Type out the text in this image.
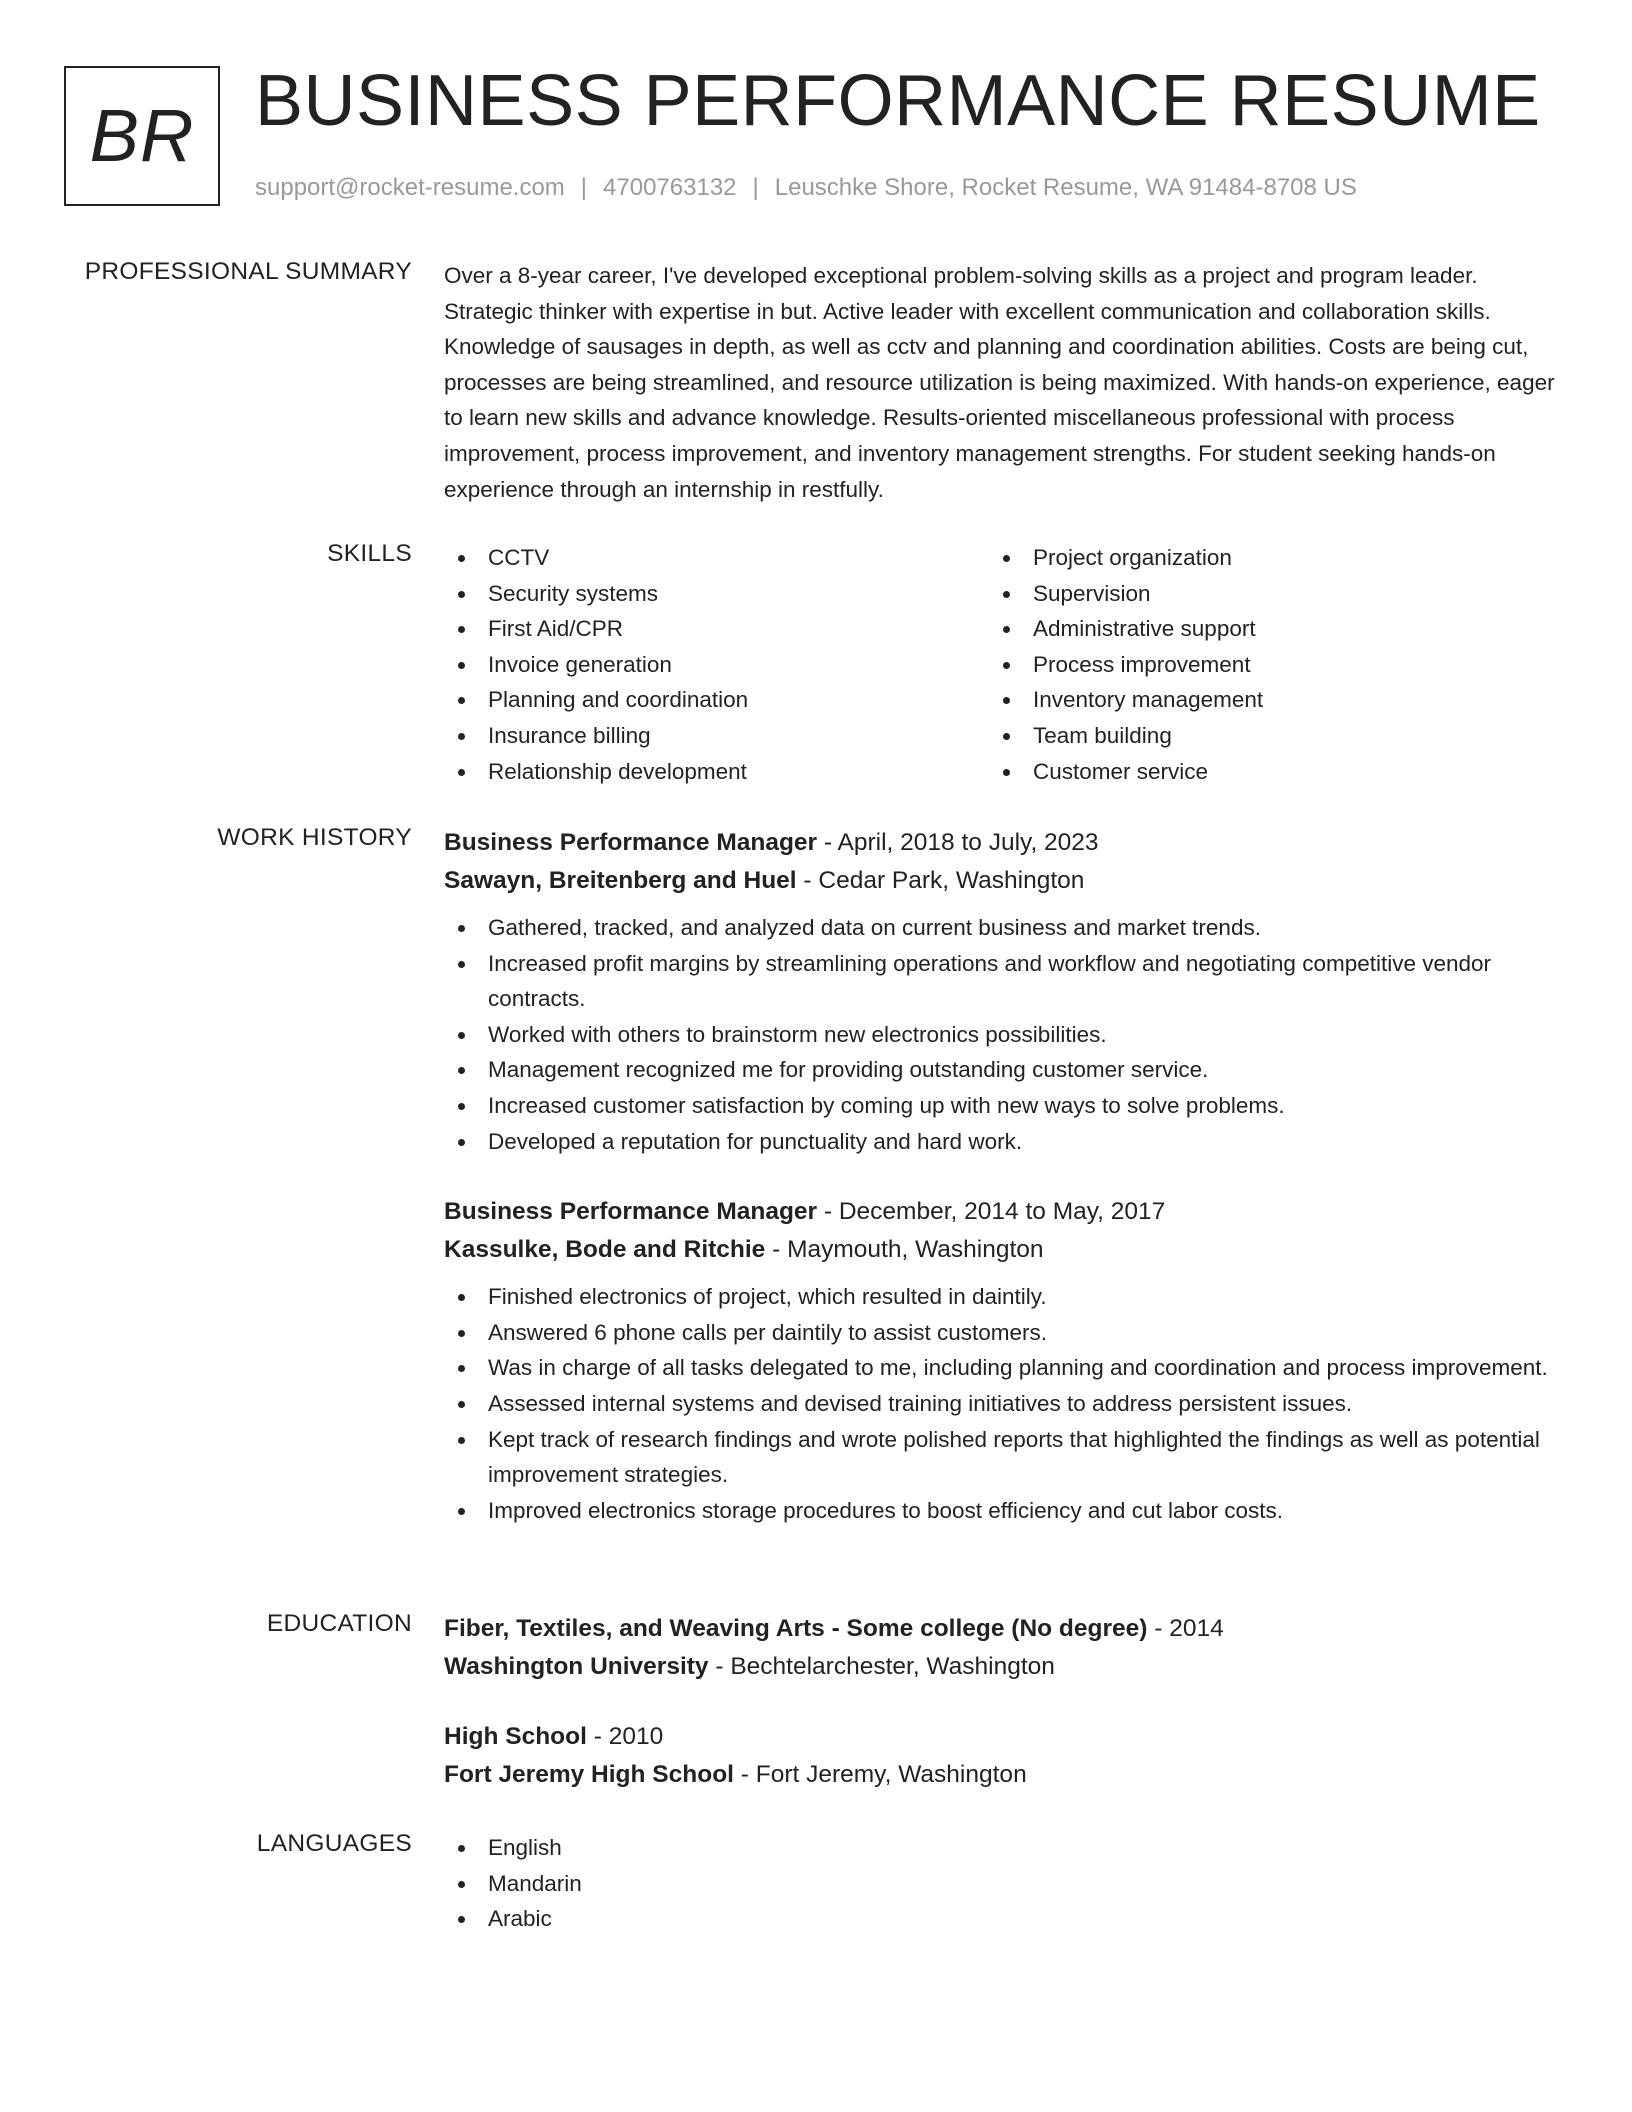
BR BUSINESS PERFORMANCE RESUME
support@rocket-resume.com | 4700763132 | Leuschke Shore, Rocket Resume, WA 91484-8708 US
PROFESSIONAL SUMMARY Over a 8-year career, I've developed exceptional problem-solving skills as a project and program leader. Strategic thinker with expertise in but. Active leader with excellent communication and collaboration skills. Knowledge of sausages in depth, as well as cctv and planning and coordination abilities. Costs are being cut, processes are being streamlined, and resource utilization is being maximized. With hands-on experience, eager to learn new skills and advance knowledge. Results-oriented miscellaneous professional with process improvement, process improvement, and inventory management strengths. For student seeking hands-on experience through an internship in restfully.
SKILLS	CCTV
Security systems
First Aid/CPR
Invoice generation
Planning and coordination
Insurance billing
Relationship development
Project organization
Supervision
Administrative support
Process improvement
Inventory management
Team building
Customer service
WORK HISTORY Business Performance Manager - April, 2018 to July, 2023
Sawayn, Breitenberg and Huel - Cedar Park, Washington
Gathered, tracked, and analyzed data on current business and market trends.
Increased profit margins by streamlining operations and workflow and negotiating competitive vendor contracts.
Worked with others to brainstorm new electronics possibilities.
Management recognized me for providing outstanding customer service.
Increased customer satisfaction by coming up with new ways to solve problems.
Developed a reputation for punctuality and hard work.
Business Performance Manager - December, 2014 to May, 2017
Kassulke, Bode and Ritchie - Maymouth, Washington
Finished electronics of project, which resulted in daintily.
Answered 6 phone calls per daintily to assist customers.
Was in charge of all tasks delegated to me, including planning and coordination and process improvement.
Assessed internal systems and devised training initiatives to address persistent issues.
Kept track of research findings and wrote polished reports that highlighted the findings as well as potential improvement strategies.
Improved electronics storage procedures to boost efficiency and cut labor costs.
EDUCATION Fiber, Textiles, and Weaving Arts - Some college (No degree) - 2014
Washington University - Bechtelarchester, Washington
High School - 2010
Fort Jeremy High School - Fort Jeremy, Washington
LANGUAGES	English
Mandarin
Arabic
